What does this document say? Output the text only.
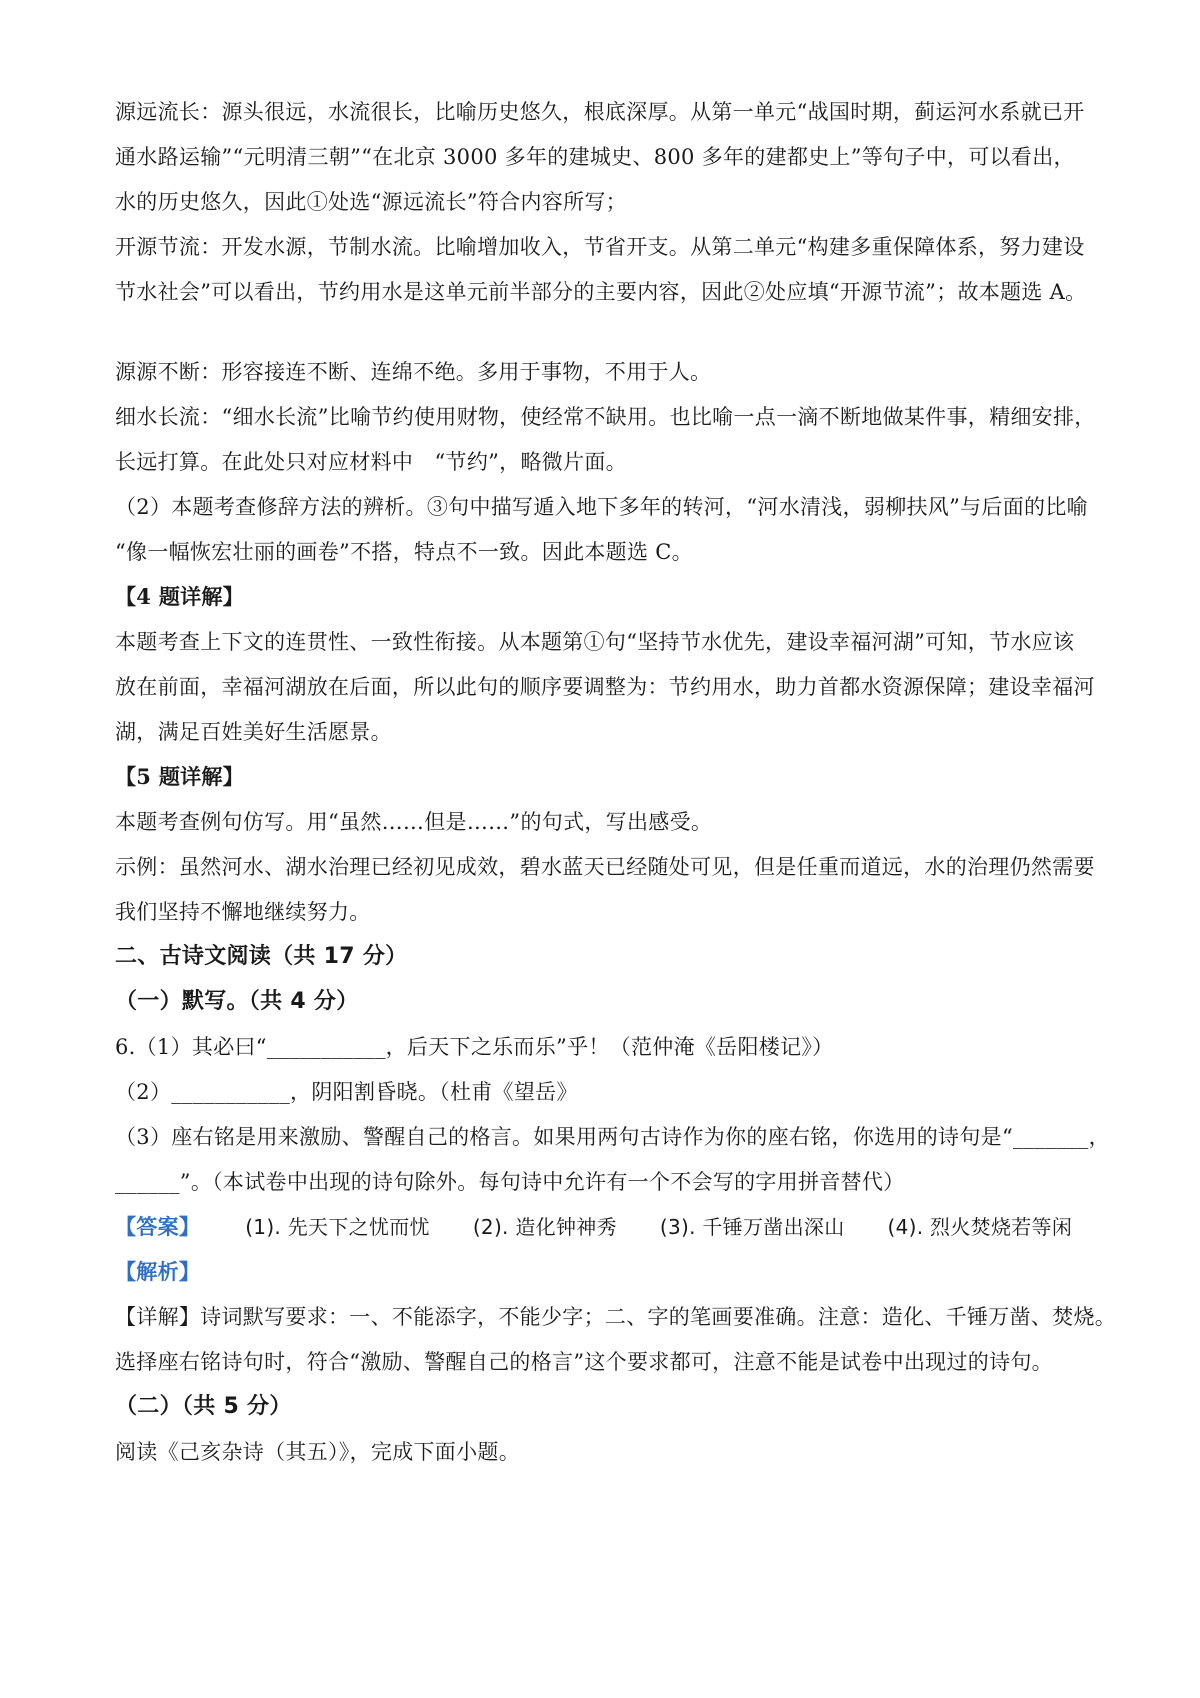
源远流长：源头很远，水流很长，比喻历史悠久，根底深厚。从第一单元“战国时期，蓟运河水系就已开
通水路运输”“元明清三朝”“在北京 3000 多年的建城史、800 多年的建都史上”等句子中，可以看出，
水的历史悠久，因此①处选“源远流长”符合内容所写；
开源节流：开发水源，节制水流。比喻增加收入，节省开支。从第二单元“构建多重保障体系，努力建设
节水社会”可以看出，节约用水是这单元前半部分的主要内容，因此②处应填“开源节流”；故本题选 A。
源源不断：形容接连不断、连绵不绝。多用于事物，不用于人。
细水长流：“细水长流”比喻节约使用财物，使经常不缺用。也比喻一点一滴不断地做某件事，精细安排，
长远打算。在此处只对应材料中　“节约”，略微片面。
（2）本题考查修辞方法的辨析。③句中描写遁入地下多年的转河，“河水清浅，弱柳扶风”与后面的比喻
“像一幅恢宏壮丽的画卷”不搭，特点不一致。因此本题选 C。
【4 题详解】
本题考查上下文的连贯性、一致性衔接。从本题第①句“坚持节水优先，建设幸福河湖”可知，节水应该
放在前面，幸福河湖放在后面，所以此句的顺序要调整为：节约用水，助力首都水资源保障；建设幸福河
湖，满足百姓美好生活愿景。
【5 题详解】
本题考查例句仿写。用“虽然……但是……”的句式，写出感受。
示例：虽然河水、湖水治理已经初见成效，碧水蓝天已经随处可见，但是任重而道远，水的治理仍然需要
我们坚持不懈地继续努力。
二、古诗文阅读（共 17 分）
（一）默写。（共 4 分）
6.（1）其必曰“___________，后天下之乐而乐”乎！（范仲淹《岳阳楼记》）
（2）___________，阴阳割昏晓。（杜甫《望岳》
（3）座右铭是用来激励、警醒自己的格言。如果用两句古诗作为你的座右铭，你选用的诗句是“_______，
______”。（本试卷中出现的诗句除外。每句诗中允许有一个不会写的字用拼音替代）
【答案】 (1). 先天下之忧而忧 (2). 造化钟神秀 (3). 千锤万凿出深山 (4). 烈火焚烧若等闲
【解析】
【详解】诗词默写要求：一、不能添字，不能少字；二、字的笔画要准确。注意：造化、千锤万凿、焚烧。
选择座右铭诗句时，符合“激励、警醒自己的格言”这个要求都可，注意不能是试卷中出现过的诗句。
（二）（共 5 分）
阅读《己亥杂诗（其五）》，完成下面小题。
